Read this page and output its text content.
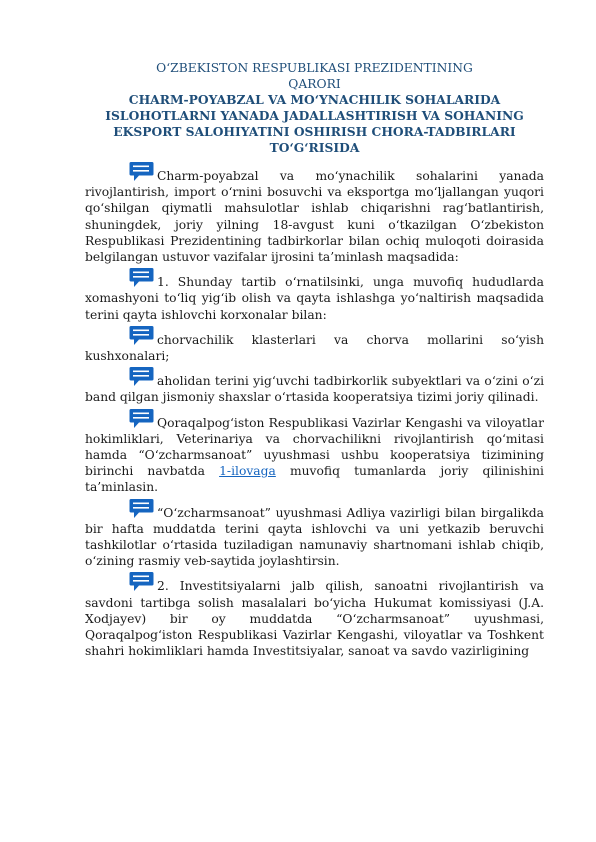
O‘ZBEKISTON RESPUBLIKASI PREZIDENTINING
QARORI
CHARM-POYABZAL VA MO‘YNACHILIK SOHALARIDA
ISLOHOTLARNI YANADA JADALLASHTIRISH VA SOHANING
EKSPORT SALOHIYATINI OSHIRISH CHORA-TADBIRLARI
TO‘G‘RISIDA
Charm-poyabzal va mo‘ynachilik sohalarini yanada rivojlantirish, import o‘rnini bosuvchi va eksportga mo‘ljallangan yuqori qo‘shilgan qiymatli mahsulotlar ishlab chiqarishni rag‘batlantirish, shuningdek, joriy yilning 18-avgust kuni o‘tkazilgan O‘zbekiston Respublikasi Prezidentining tadbirkorlar bilan ochiq muloqoti doirasida belgilangan ustuvor vazifalar ijrosini ta’minlash maqsadida:
1. Shunday tartib o‘rnatilsinki, unga muvofiq hududlarda xomashyoni to‘liq yig‘ib olish va qayta ishlashga yo‘naltirish maqsadida terini qayta ishlovchi korxonalar bilan:
chorvachilik klasterlari va chorva mollarini so‘yish kushxonalari;
aholidan terini yig‘uvchi tadbirkorlik subyektlari va o‘zini o‘zi band qilgan jismoniy shaxslar o‘rtasida kooperatsiya tizimi joriy qilinadi.
Qoraqalpog‘iston Respublikasi Vazirlar Kengashi va viloyatlar hokimliklari, Veterinariya va chorvachilikni rivojlantirish qo‘mitasi hamda “O‘zcharmsanoat” uyushmasi ushbu kooperatsiya tizimining birinchi navbatda 1-ilovaga muvofiq tumanlarda joriy qilinishini ta’minlasin.
“O‘zcharmsanoat” uyushmasi Adliya vazirligi bilan birgalikda bir hafta muddatda terini qayta ishlovchi va uni yetkazib beruvchi tashkilotlar o‘rtasida tuziladigan namunaviy shartnomani ishlab chiqib, o‘zining rasmiy veb-saytida joylashtirsin.
2. Investitsiyalarni jalb qilish, sanoatni rivojlantirish va savdoni tartibga solish masalalari bo‘yicha Hukumat komissiyasi (J.A. Xodjayev) bir oy muddatda “O‘zcharmsanoat” uyushmasi, Qoraqalpog‘iston Respublikasi Vazirlar Kengashi, viloyatlar va Toshkent shahri hokimliklari hamda Investitsiyalar, sanoat va savdo vazirligining
